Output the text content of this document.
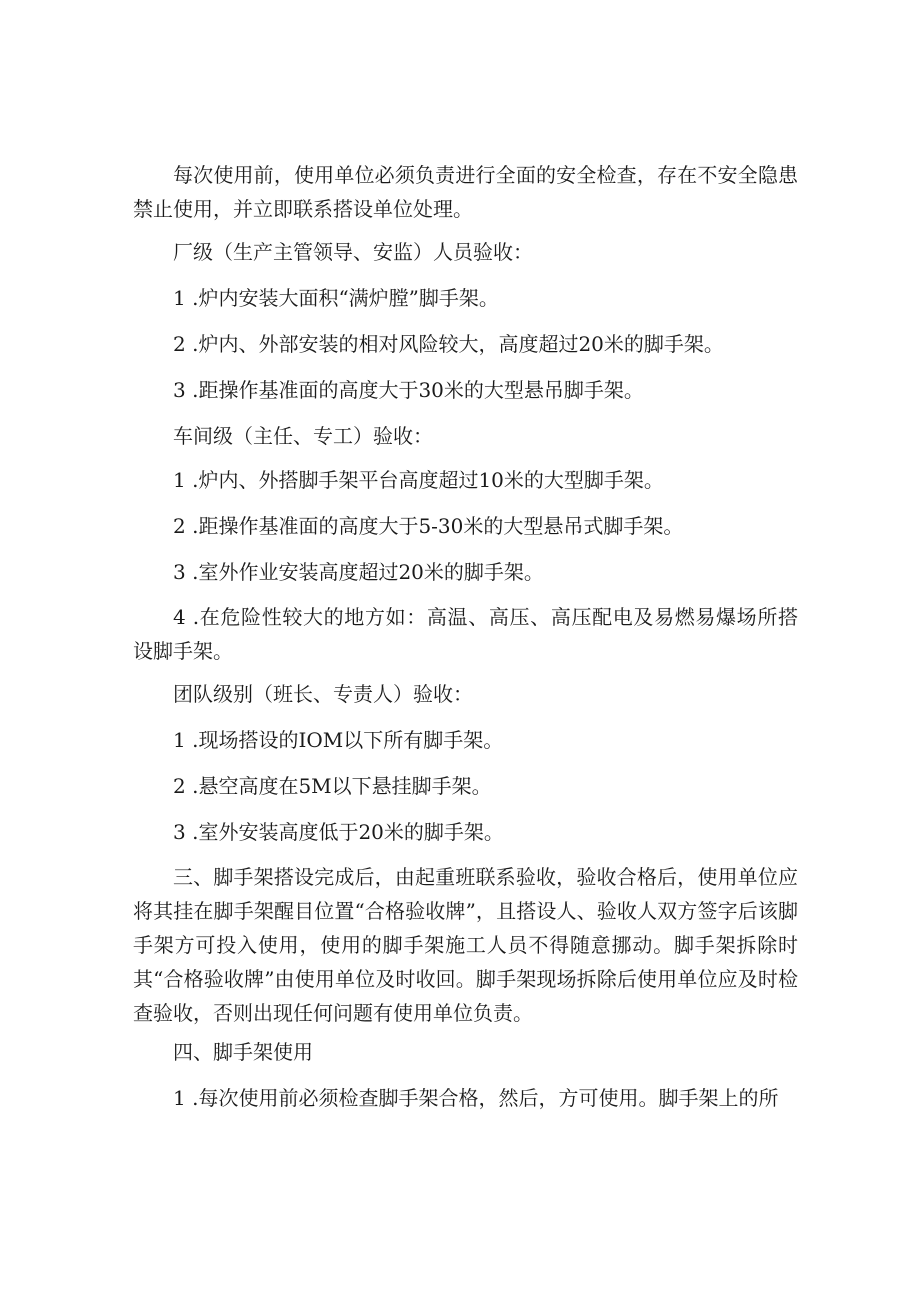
每次使用前，使用单位必须负责进行全面的安全检查，存在不安全隐患禁止使用，并立即联系搭设单位处理。

厂级（生产主管领导、安监）人员验收：

1 .炉内安装大面积“满炉膛”脚手架。

2 .炉内、外部安装的相对风险较大，高度超过20米的脚手架。

3 .距操作基准面的高度大于30米的大型悬吊脚手架。

车间级（主任、专工）验收：

1 .炉内、外搭脚手架平台高度超过10米的大型脚手架。

2 .距操作基准面的高度大于5-30米的大型悬吊式脚手架。

3 .室外作业安装高度超过20米的脚手架。

4 .在危险性较大的地方如：高温、高压、高压配电及易燃易爆场所搭设脚手架。

团队级别（班长、专责人）验收：

1 .现场搭设的IOM以下所有脚手架。

2 .悬空高度在5M以下悬挂脚手架。

3 .室外安装高度低于20米的脚手架。

三、脚手架搭设完成后，由起重班联系验收，验收合格后，使用单位应将其挂在脚手架醒目位置“合格验收牌”，且搭设人、验收人双方签字后该脚手架方可投入使用，使用的脚手架施工人员不得随意挪动。脚手架拆除时其“合格验收牌”由使用单位及时收回。脚手架现场拆除后使用单位应及时检查验收，否则出现任何问题有使用单位负责。

四、脚手架使用

1 .每次使用前必须检查脚手架合格，然后，方可使用。脚手架上的所
